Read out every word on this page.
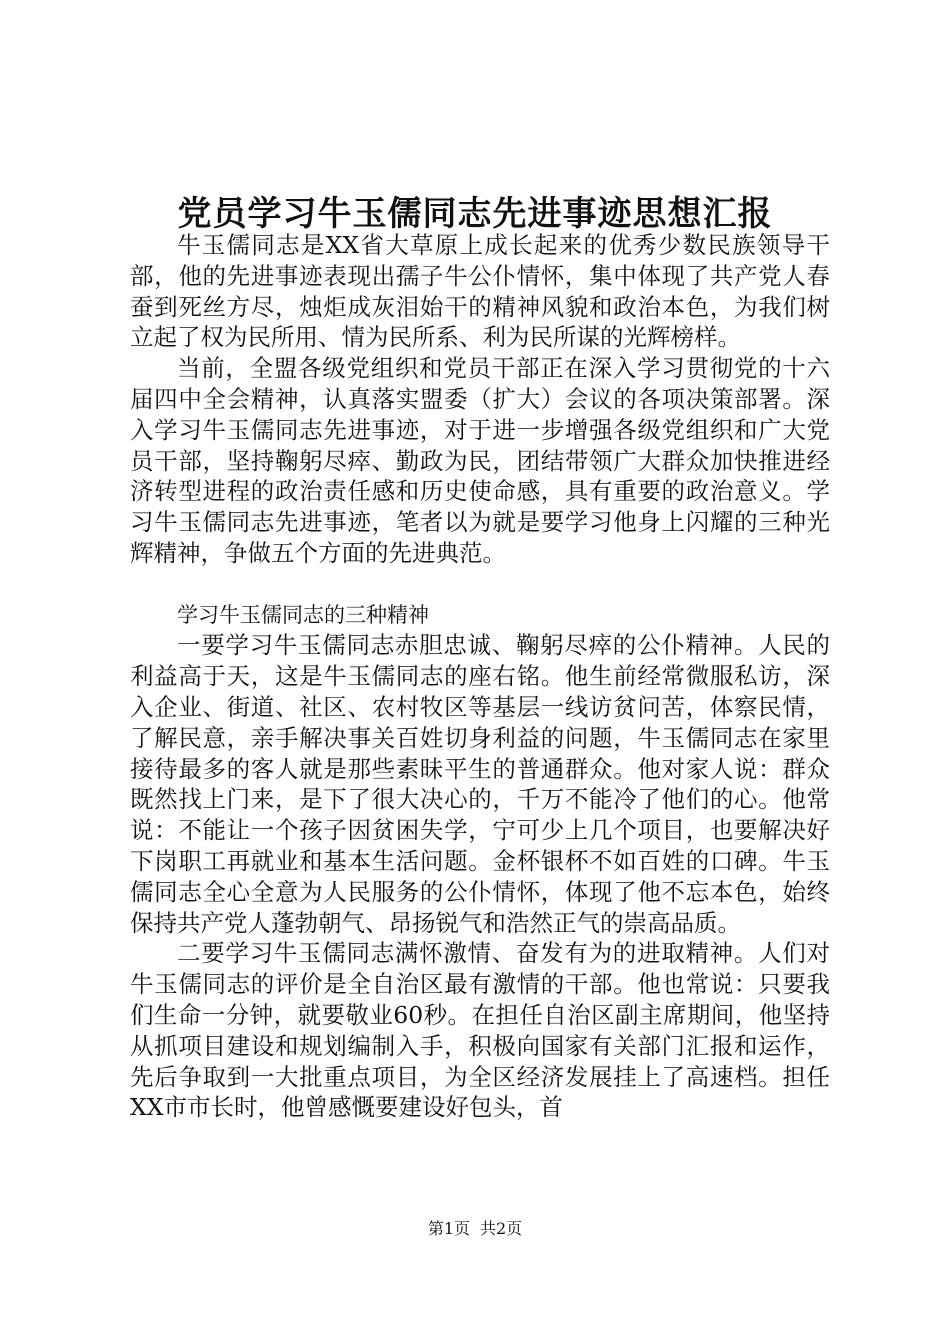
党员学习牛玉儒同志先进事迹思想汇报

牛玉儒同志是XX省大草原上成长起来的优秀少数民族领导干部，他的先进事迹表现出孺子牛公仆情怀，集中体现了共产党人春蚕到死丝方尽，烛炬成灰泪始干的精神风貌和政治本色，为我们树立起了权为民所用、情为民所系、利为民所谋的光辉榜样。

当前，全盟各级党组织和党员干部正在深入学习贯彻党的十六届四中全会精神，认真落实盟委（扩大）会议的各项决策部署。深入学习牛玉儒同志先进事迹，对于进一步增强各级党组织和广大党员干部，坚持鞠躬尽瘁、勤政为民，团结带领广大群众加快推进经济转型进程的政治责任感和历史使命感，具有重要的政治意义。学习牛玉儒同志先进事迹，笔者以为就是要学习他身上闪耀的三种光辉精神，争做五个方面的先进典范。

学习牛玉儒同志的三种精神

一要学习牛玉儒同志赤胆忠诚、鞠躬尽瘁的公仆精神。人民的利益高于天，这是牛玉儒同志的座右铭。他生前经常微服私访，深入企业、街道、社区、农村牧区等基层一线访贫问苦，体察民情，了解民意，亲手解决事关百姓切身利益的问题，牛玉儒同志在家里接待最多的客人就是那些素昧平生的普通群众。他对家人说：群众既然找上门来，是下了很大决心的，千万不能冷了他们的心。他常说：不能让一个孩子因贫困失学，宁可少上几个项目，也要解决好下岗职工再就业和基本生活问题。金杯银杯不如百姓的口碑。牛玉儒同志全心全意为人民服务的公仆情怀，体现了他不忘本色，始终保持共产党人蓬勃朝气、昂扬锐气和浩然正气的崇高品质。

二要学习牛玉儒同志满怀激情、奋发有为的进取精神。人们对牛玉儒同志的评价是全自治区最有激情的干部。他也常说：只要我们生命一分钟，就要敬业60秒。在担任自治区副主席期间，他坚持从抓项目建设和规划编制入手，积极向国家有关部门汇报和运作，先后争取到一大批重点项目，为全区经济发展挂上了高速档。担任XX市市长时，他曾感慨要建设好包头，首

第1页 共2页
